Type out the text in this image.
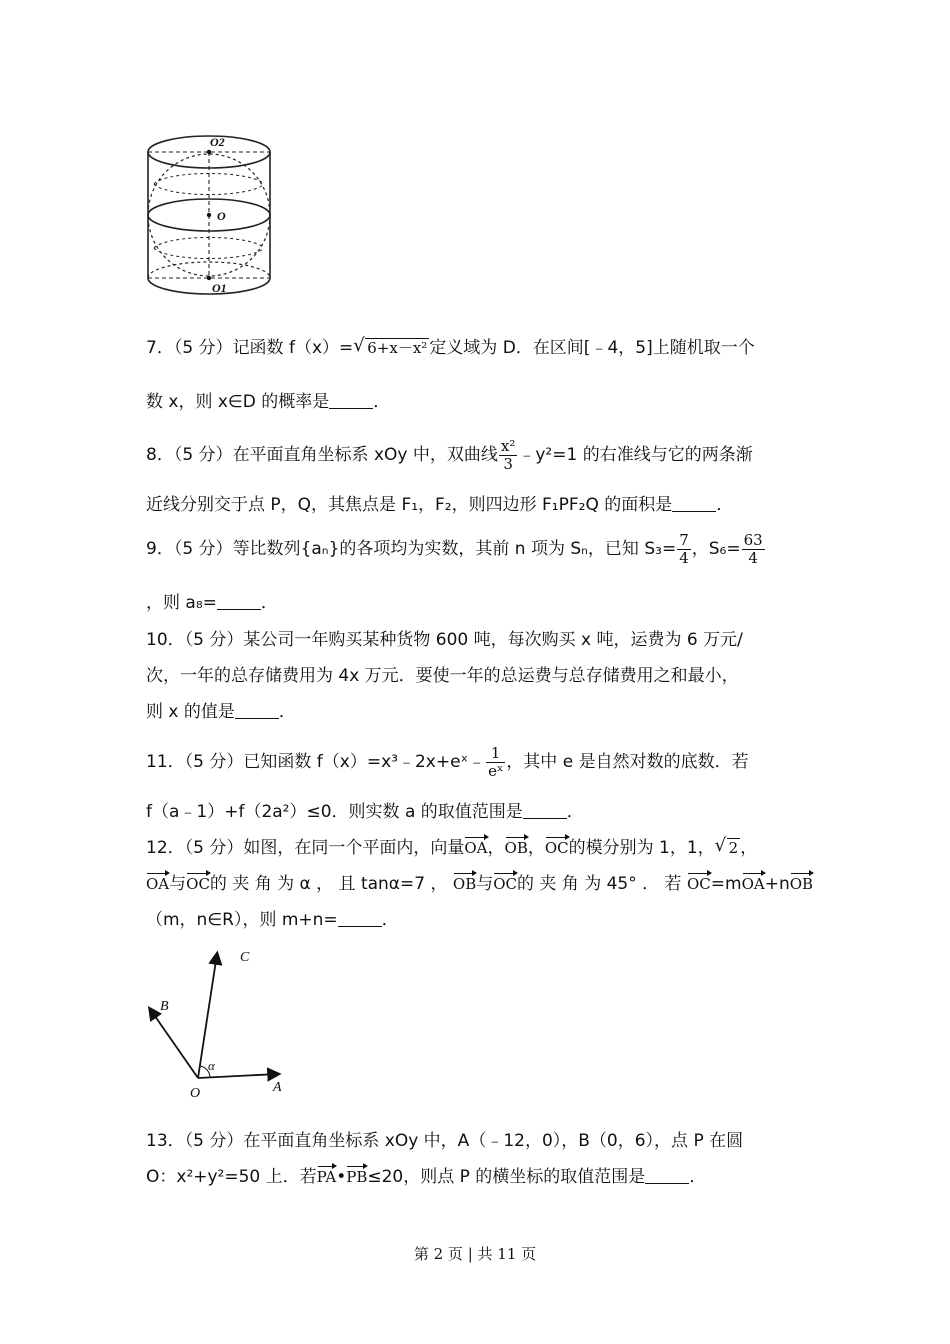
O2
O
O1
7．（5 分）记函数 f（x）= √ 6+x－x² 定义域为 D．在区间[﹣4，5]上随机取一个
数 x，则 x∈D 的概率是	．
8．（5 分）在平面直角坐标系 xOy 中，双曲线 $\frac{\text{x²}}{3}$ ﹣y²=1 的右准线与它的两条渐
近线分别交于点 P，Q，其焦点是 F₁，F₂，则四边形 F₁PF₂Q 的面积是	．
9．（5 分）等比数列{aₙ}的各项均为实数，其前 n 项为 Sₙ，已知 $S_3= \frac{7}{4}$ ，$S_6= \frac{63}{4}$
，则 a₈=	．
10．（5 分）某公司一年购买某种货物 600 吨，每次购买 x 吨，运费为 6 万元/
次，一年的总存储费用为 4x 万元．要使一年的总运费与总存储费用之和最小，
则 x 的值是	．
11．（5 分）已知函数 f（x）=x³﹣2x+eˣ﹣ $\frac{1}{\text{eˣ}}$ ，其中 e 是自然对数的底数．若
f（a﹣1）+f（2a²）≤0．则实数 a 的取值范围是	．
12．（5 分）如图，在同一个平面内，向量OA，OB，OC的模分别为 1，1， √ 2 ，
OA与OC的 夹 角 为 α ， 且 tanα=7 ， OB与OC的 夹 角 为 45° ． 若 OC=mOA+nOB
（m，n∈R），则 m+n=	．
C
B
α
O	A
13．（5 分）在平面直角坐标系 xOy 中，A（﹣12，0），B（0，6），点 P 在圆
O：x²+y²=50 上．若PA•PB≤20，则点 P 的横坐标的取值范围是	．
第 2 页 | 共 11 页
